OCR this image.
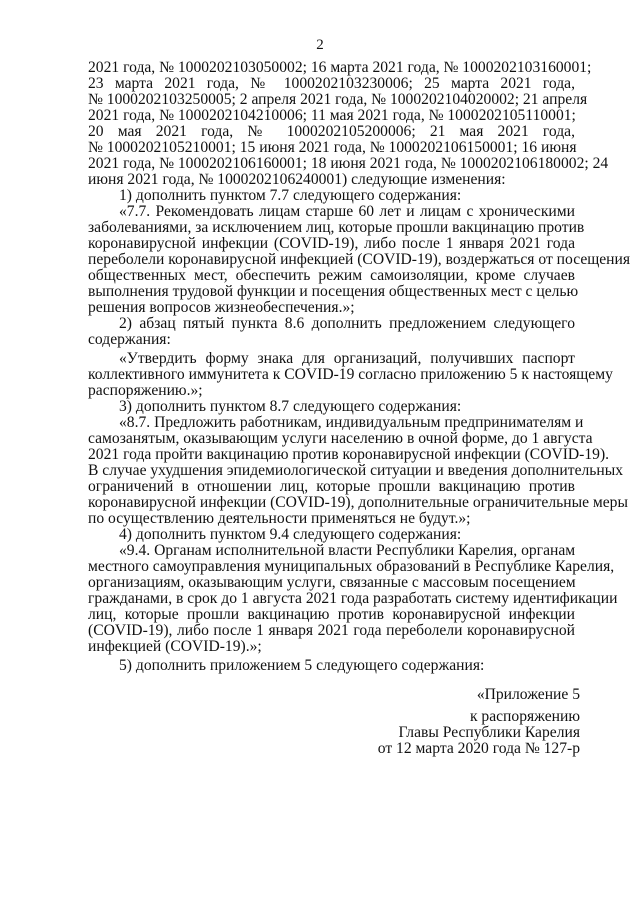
2
2021 года, № 1000202103050002; 16 марта 2021 года, № 1000202103160001;
23 марта 2021 года, № 1000202103230006; 25 марта 2021 года,
№ 1000202103250005; 2 апреля 2021 года, № 1000202104020002; 21 апреля
2021 года, № 1000202104210006; 11 мая 2021 года, № 1000202105110001;
20 мая 2021 года, № 1000202105200006; 21 мая 2021 года,
№ 1000202105210001; 15 июня 2021 года, № 1000202106150001; 16 июня
2021 года, № 1000202106160001; 18 июня 2021 года, № 1000202106180002; 24
июня 2021 года, № 1000202106240001) следующие изменения:
1) дополнить пунктом 7.7 следующего содержания:
«7.7. Рекомендовать лицам старше 60 лет и лицам с хроническими
заболеваниями, за исключением лиц, которые прошли вакцинацию против
коронавирусной инфекции (COVID-19), либо после 1 января 2021 года
переболели коронавирусной инфекцией (COVID-19), воздержаться от посещения
общественных мест, обеспечить режим самоизоляции, кроме случаев
выполнения трудовой функции и посещения общественных мест с целью
решения вопросов жизнеобеспечения.»;
2) абзац пятый пункта 8.6 дополнить предложением следующего
содержания:
«Утвердить форму знака для организаций, получивших паспорт
коллективного иммунитета к COVID-19 согласно приложению 5 к настоящему
распоряжению.»;
3) дополнить пунктом 8.7 следующего содержания:
«8.7. Предложить работникам, индивидуальным предпринимателям и
самозанятым, оказывающим услуги населению в очной форме, до 1 августа
2021 года пройти вакцинацию против коронавирусной инфекции (COVID-19).
В случае ухудшения эпидемиологической ситуации и введения дополнительных
ограничений в отношении лиц, которые прошли вакцинацию против
коронавирусной инфекции (COVID-19), дополнительные ограничительные меры
по осуществлению деятельности применяться не будут.»;
4) дополнить пунктом 9.4 следующего содержания:
«9.4. Органам исполнительной власти Республики Карелия, органам
местного самоуправления муниципальных образований в Республике Карелия,
организациям, оказывающим услуги, связанные с массовым посещением
гражданами, в срок до 1 августа 2021 года разработать систему идентификации
лиц, которые прошли вакцинацию против коронавирусной инфекции
(COVID-19), либо после 1 января 2021 года переболели коронавирусной
инфекцией (COVID-19).»;
5) дополнить приложением 5 следующего содержания:
«Приложение 5
к распоряжению
Главы Республики Карелия
от 12 марта 2020 года № 127-р
